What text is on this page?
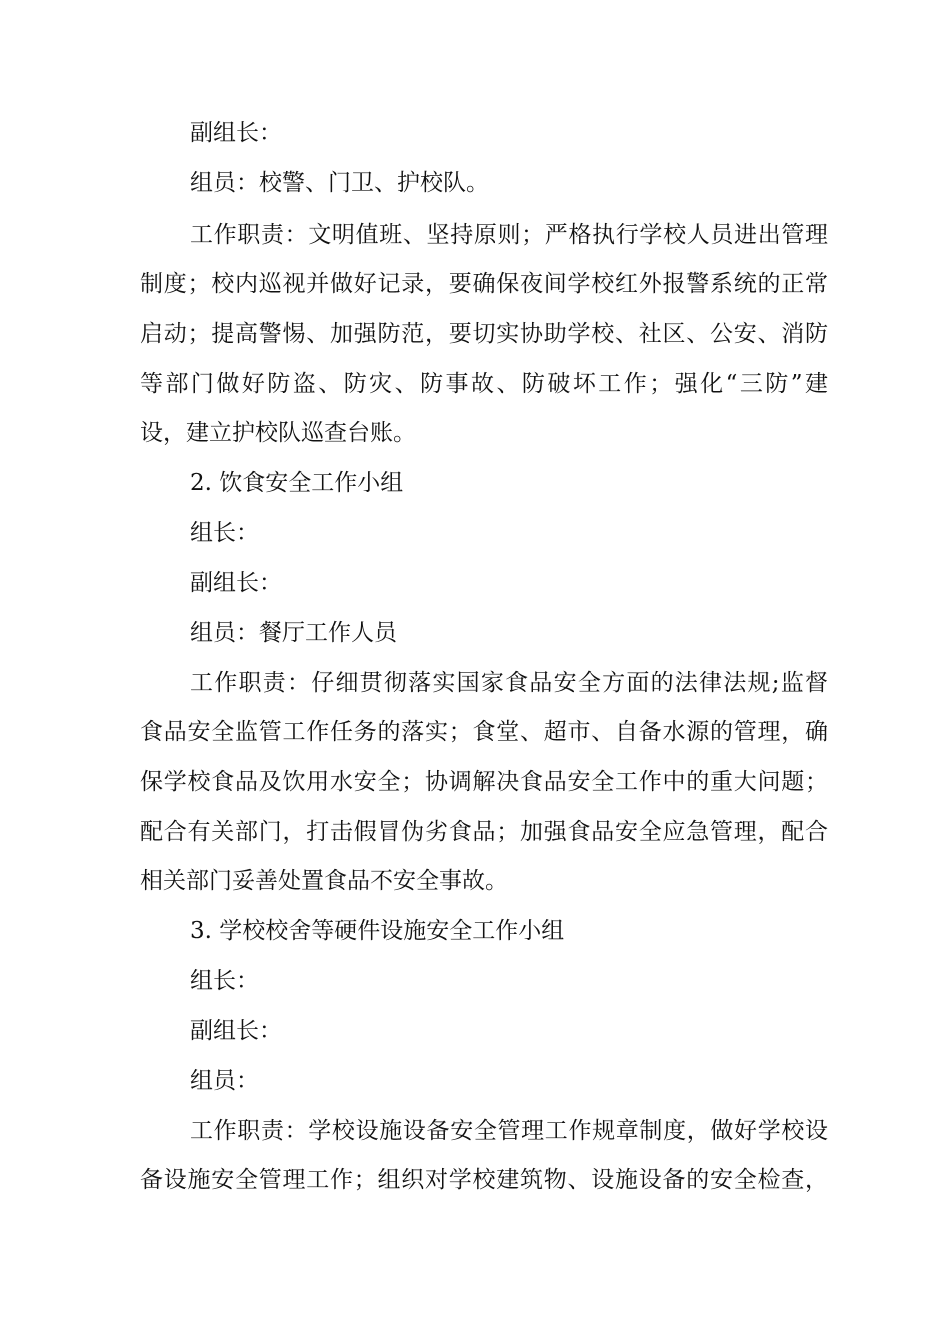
副组长：
组员：校警、门卫、护校队。
工作职责：文明值班、坚持原则；严格执行学校人员进出管理
制度；校内巡视并做好记录，要确保夜间学校红外报警系统的正常
启动；提高警惕、加强防范，要切实协助学校、社区、公安、消防
等部门做好防盗、防灾、防事故、防破坏工作；强化“三防”建
设，建立护校队巡查台账。
2. 饮食安全工作小组
组长：
副组长：
组员：餐厅工作人员
工作职责：仔细贯彻落实国家食品安全方面的法律法规;监督
食品安全监管工作任务的落实；食堂、超市、自备水源的管理，确
保学校食品及饮用水安全；协调解决食品安全工作中的重大问题；
配合有关部门，打击假冒伪劣食品；加强食品安全应急管理，配合
相关部门妥善处置食品不安全事故。
3. 学校校舍等硬件设施安全工作小组
组长：
副组长：
组员：
工作职责：学校设施设备安全管理工作规章制度，做好学校设
备设施安全管理工作；组织对学校建筑物、设施设备的安全检查，
